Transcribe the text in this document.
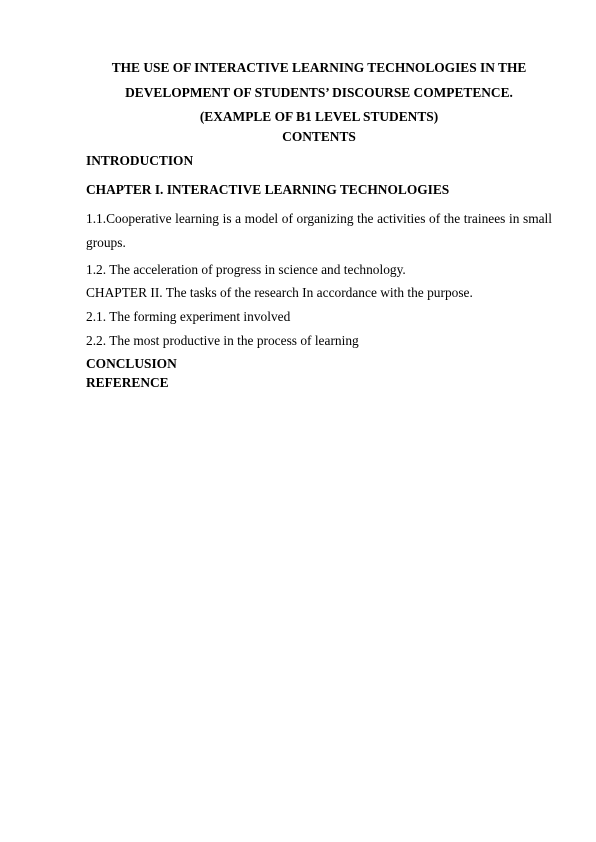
THE USE OF INTERACTIVE LEARNING TECHNOLOGIES IN THE
DEVELOPMENT OF STUDENTS’ DISCOURSE COMPETENCE.
(EXAMPLE OF B1 LEVEL STUDENTS)
CONTENTS
INTRODUCTION
CHAPTER I. INTERACTIVE LEARNING TECHNOLOGIES
1.1.Cooperative learning is a model of organizing the activities of the trainees in small groups.
1.2. The acceleration of progress in science and technology.
CHAPTER II. The tasks of the research In accordance with the purpose.
2.1. The forming experiment involved
2.2. The most productive in the process of learning
CONCLUSION
REFERENCE
